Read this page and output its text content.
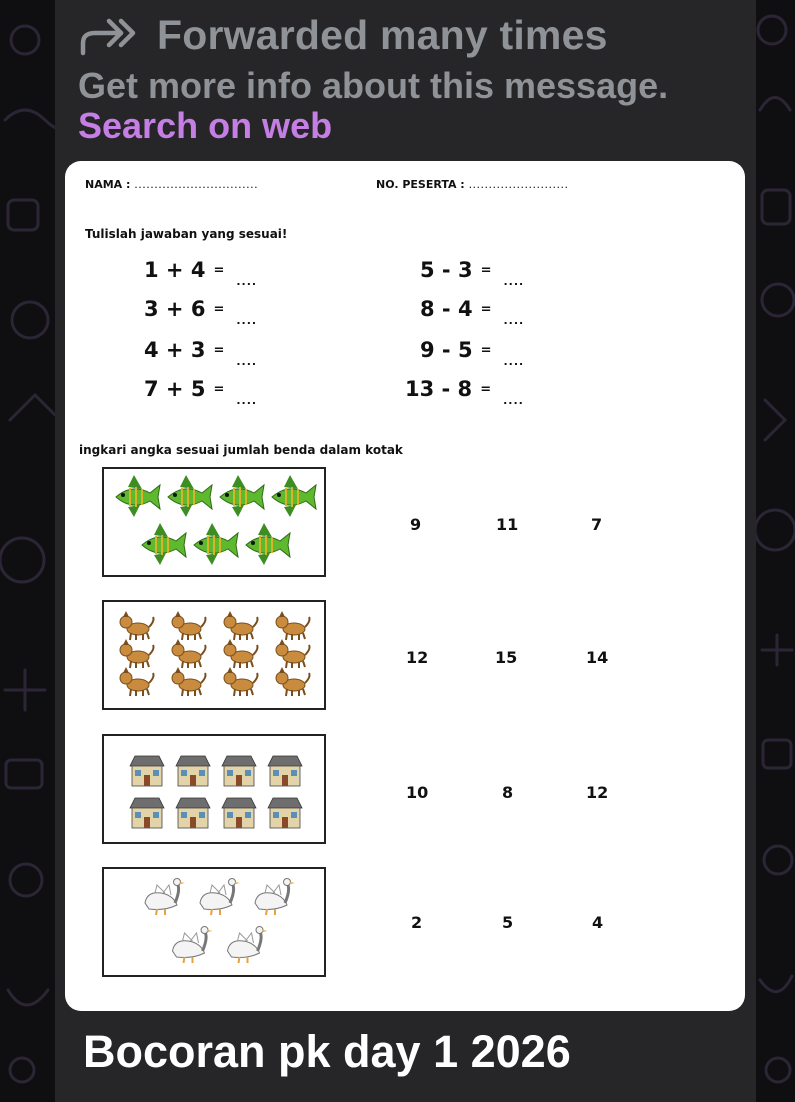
Forwarded many times
Get more info about this message. Search on web
NAMA : ...............................	NO. PESERTA : .........................
Tulislah jawaban yang sesuai!
1 + 4 =....
3 + 6 =....
4 + 3 =....
7 + 5 =....
5 - 3 =....
8 - 4 =....
9 - 5 =....
13 - 8 =....
ingkari angka sesuai jumlah benda dalam kotak
9	11	7
12	15	14
10	8	12
2	5	4
Bocoran pk day 1 2026
